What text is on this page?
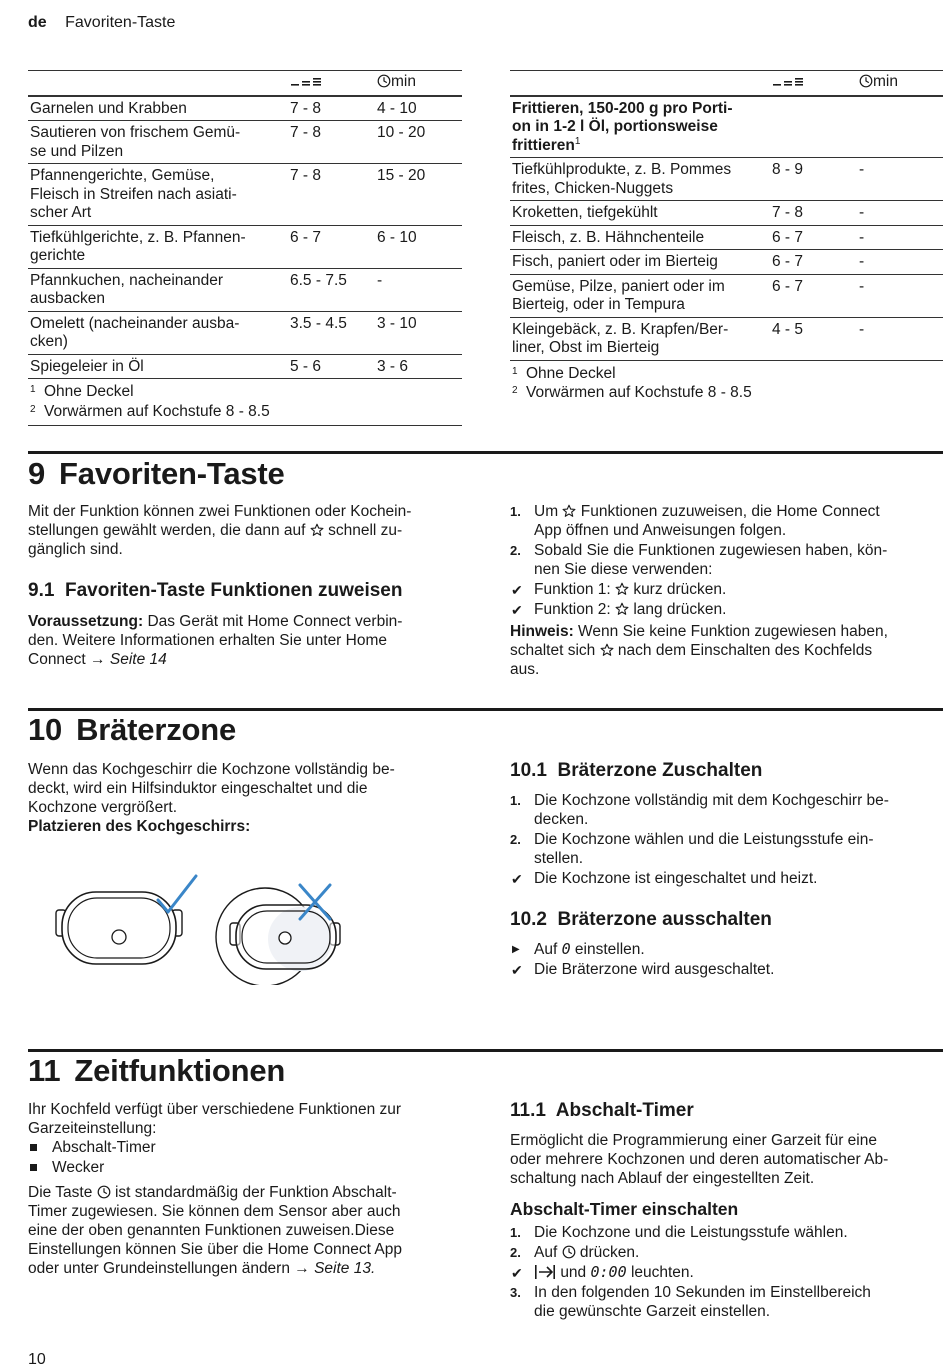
de Favoriten-Taste
		min
Garnelen und Krabben	7 - 8	4 - 10
Sautieren von frischem Gemü-
se und Pilzen	7 - 8	10 - 20
Pfannengerichte, Gemüse,
Fleisch in Streifen nach asiati-
scher Art	7 - 8	15 - 20
Tiefkühlgerichte, z. B. Pfannen-
gerichte	6 - 7	6 - 10
Pfannkuchen, nacheinander
ausbacken	6.5 - 7.5	-
Omelett (nacheinander ausba-
cken)	3.5 - 4.5	3 - 10
Spiegeleier in Öl	5 - 6	3 - 6
1 Ohne Deckel		
2 Vorwärmen auf Kochstufe 8 - 8.5		
		min
Frittieren, 150-200 g pro Porti-
on in 1-2 l Öl, portionsweise
frittieren$^1$
Tiefkühlprodukte, z. B. Pommes
frites, Chicken-Nuggets	8 - 9	-
Kroketten, tiefgekühlt	7 - 8	-
Fleisch, z. B. Hähnchenteile	6 - 7	-
Fisch, paniert oder im Bierteig	6 - 7	-
Gemüse, Pilze, paniert oder im
Bierteig, oder in Tempura	6 - 7	-
Kleingebäck, z. B. Krapfen/Ber-
liner, Obst im Bierteig	4 - 5	-
1 Ohne Deckel		
2 Vorwärmen auf Kochstufe 8 - 8.5		
9 Favoriten-Taste
Mit der Funktion können zwei Funktionen oder Kochein-
stellungen gewählt werden, die dann auf schnell zu-
gänglich sind.
9.1 Favoriten-Taste Funktionen zuweisen
Voraussetzung: Das Gerät mit Home Connect verbin-
den. Weitere Informationen erhalten Sie unter Home
Connect → Seite 14
1. Um Funktionen zuzuweisen, die Home Connect
App öffnen und Anweisungen folgen.
2. Sobald Sie die Funktionen zugewiesen haben, kön-
nen Sie diese verwenden:
✔ Funktion 1: kurz drücken.
✔ Funktion 2: lang drücken.
Hinweis: Wenn Sie keine Funktion zugewiesen haben,
schaltet sich nach dem Einschalten des Kochfelds
aus.
10 Bräterzone
Wenn das Kochgeschirr die Kochzone vollständig be-
deckt, wird ein Hilfsinduktor eingeschaltet und die
Kochzone vergrößert.
Platzieren des Kochgeschirrs:
10.1 Bräterzone Zuschalten
1. Die Kochzone vollständig mit dem Kochgeschirr be-
decken.
2. Die Kochzone wählen und die Leistungsstufe ein-
stellen.
✔ Die Kochzone ist eingeschaltet und heizt.
10.2 Bräterzone ausschalten
▶ Auf 0 einstellen.
✔ Die Bräterzone wird ausgeschaltet.
11 Zeitfunktionen
Ihr Kochfeld verfügt über verschiedene Funktionen zur
Garzeiteinstellung:
Abschalt-Timer
Wecker
Die Taste ist standardmäßig der Funktion Abschalt-
Timer zugewiesen. Sie können dem Sensor aber auch
eine der oben genannten Funktionen zuweisen.Diese
Einstellungen können Sie über die Home Connect App
oder unter Grundeinstellungen ändern → Seite 13.
11.1 Abschalt-Timer
Ermöglicht die Programmierung einer Garzeit für eine
oder mehrere Kochzonen und deren automatischer Ab-
schaltung nach Ablauf der eingestellten Zeit.
Abschalt-Timer einschalten
1. Die Kochzone und die Leistungsstufe wählen.
2. Auf drücken.
✔ und 0:00 leuchten.
3. In den folgenden 10 Sekunden im Einstellbereich
die gewünschte Garzeit einstellen.
10
